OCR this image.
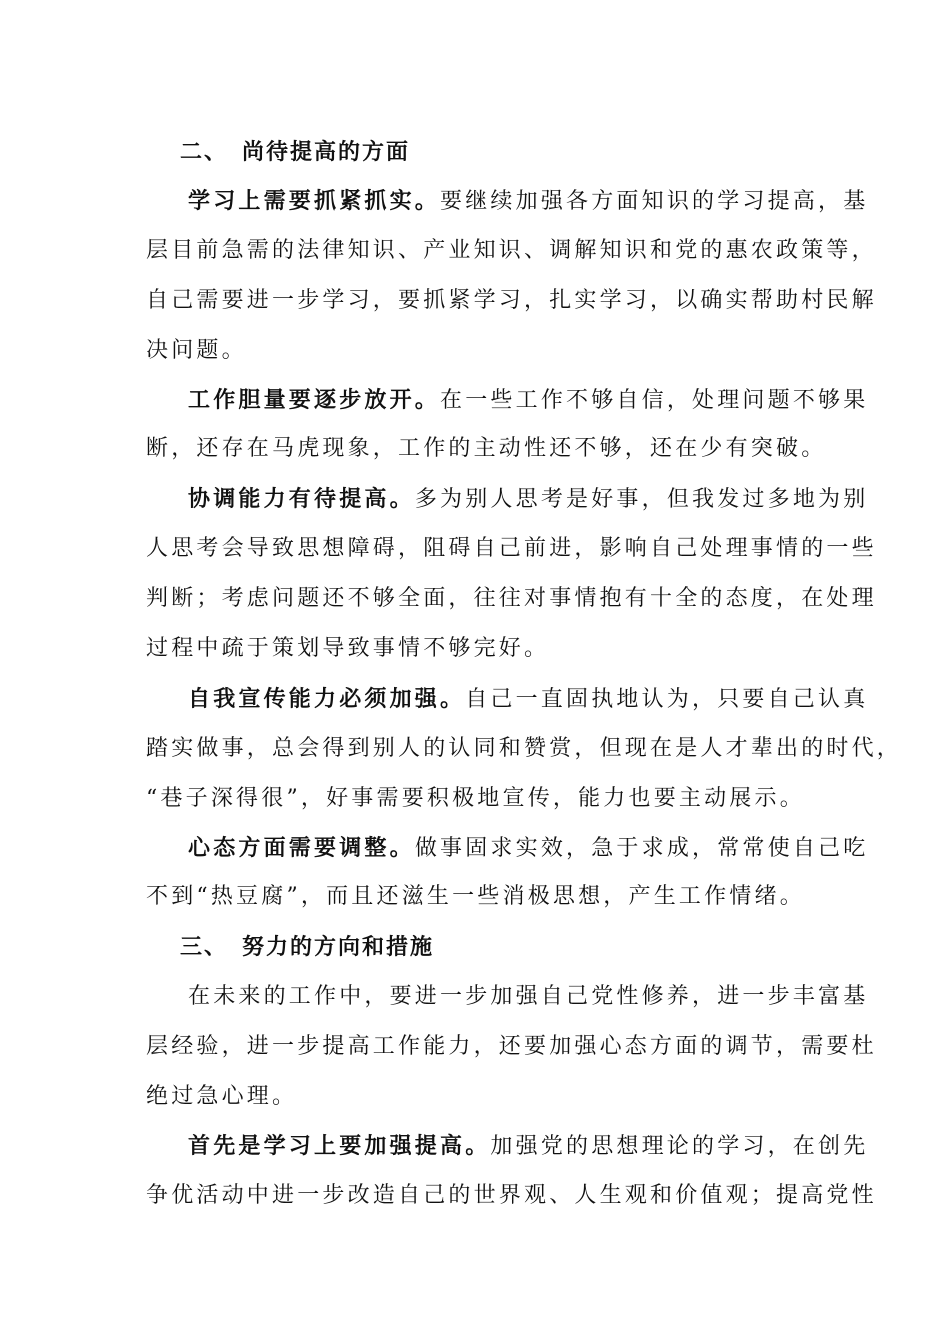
二、 尚待提高的方面
学习上需要抓紧抓实。要继续加强各方面知识的学习提高，基
层目前急需的法律知识、产业知识、调解知识和党的惠农政策等，
自己需要进一步学习，要抓紧学习，扎实学习，以确实帮助村民解
决问题。
工作胆量要逐步放开。在一些工作不够自信，处理问题不够果
断，还存在马虎现象，工作的主动性还不够，还在少有突破。
协调能力有待提高。多为别人思考是好事，但我发过多地为别
人思考会导致思想障碍，阻碍自己前进，影响自己处理事情的一些
判断；考虑问题还不够全面，往往对事情抱有十全的态度，在处理
过程中疏于策划导致事情不够完好。
自我宣传能力必须加强。自己一直固执地认为，只要自己认真
踏实做事，总会得到别人的认同和赞赏，但现在是人才辈出的时代，
“巷子深得很”，好事需要积极地宣传，能力也要主动展示。
心态方面需要调整。做事固求实效，急于求成，常常使自己吃
不到“热豆腐”，而且还滋生一些消极思想，产生工作情绪。
三、 努力的方向和措施
在未来的工作中，要进一步加强自己党性修养，进一步丰富基
层经验，进一步提高工作能力，还要加强心态方面的调节，需要杜
绝过急心理。
首先是学习上要加强提高。加强党的思想理论的学习，在创先
争优活动中进一步改造自己的世界观、人生观和价值观；提高党性
